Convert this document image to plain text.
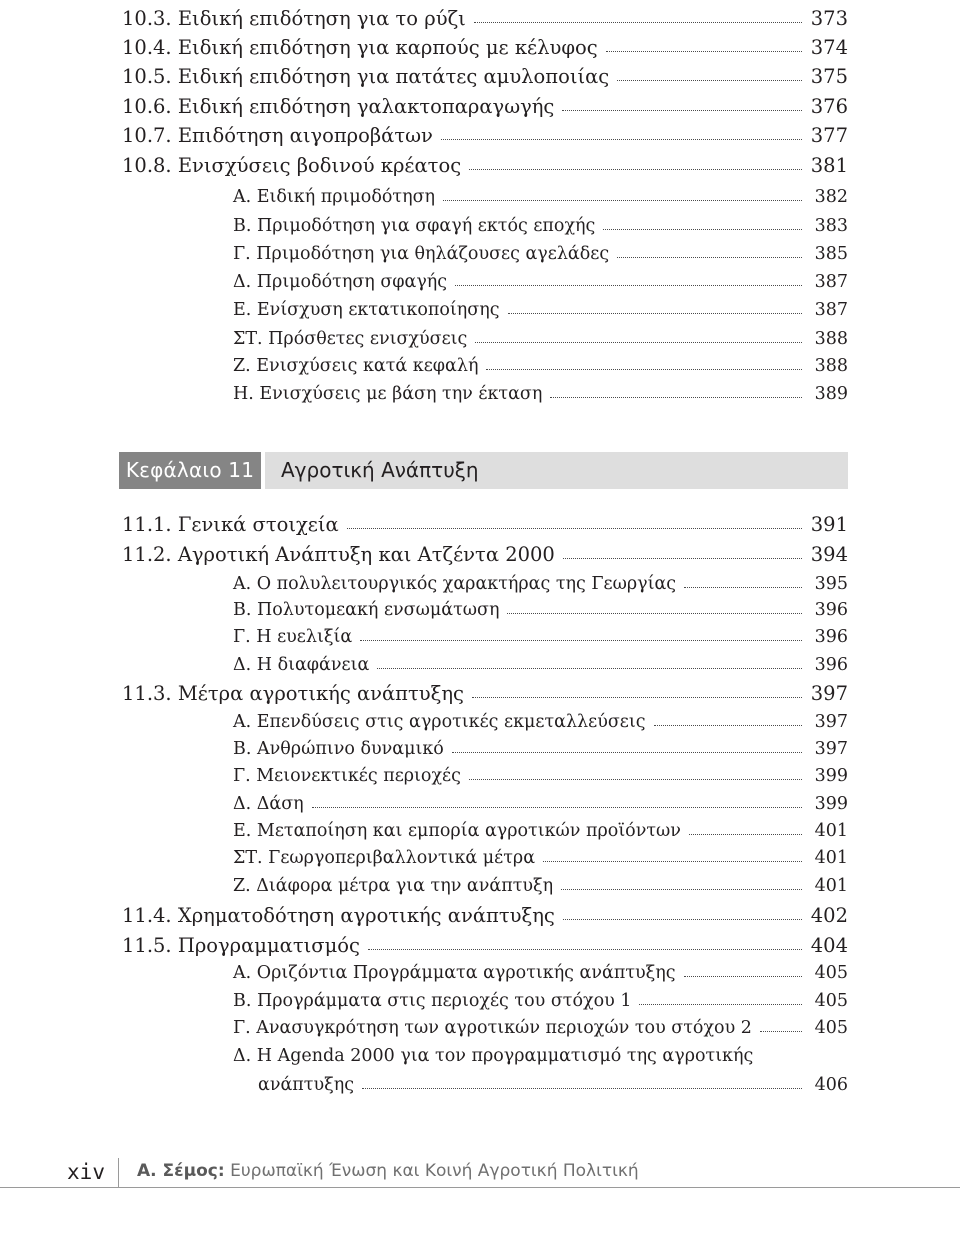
10.3. Ειδική επιδότηση για το ρύζι	373
10.4. Ειδική επιδότηση για καρπούς με κέλυφος	374
10.5. Ειδική επιδότηση για πατάτες αμυλοποιίας	375
10.6. Ειδική επιδότηση γαλακτοπαραγωγής	376
10.7. Επιδότηση αιγοπροβάτων	377
10.8. Ενισχύσεις βοδινού κρέατος	381
Α. Ειδική πριμοδότηση	382
Β. Πριμοδότηση για σφαγή εκτός εποχής	383
Γ. Πριμοδότηση για θηλάζουσες αγελάδες	385
Δ. Πριμοδότηση σφαγής	387
Ε. Ενίσχυση εκτατικοποίησης	387
ΣΤ. Πρόσθετες ενισχύσεις	388
Ζ. Ενισχύσεις κατά κεφαλή	388
Η. Ενισχύσεις με βάση την έκταση	389
Κεφάλαιο 11	Αγροτική Ανάπτυξη
11.1. Γενικά στοιχεία	391
11.2. Αγροτική Ανάπτυξη και Ατζέντα 2000	394
Α. Ο πολυλειτουργικός χαρακτήρας της Γεωργίας	395
Β. Πολυτομεακή ενσωμάτωση	396
Γ. Η ευελιξία	396
Δ. Η διαφάνεια	396
11.3. Μέτρα αγροτικής ανάπτυξης	397
Α. Επενδύσεις στις αγροτικές εκμεταλλεύσεις	397
Β. Ανθρώπινο δυναμικό	397
Γ. Μειονεκτικές περιοχές	399
Δ. Δάση	399
Ε. Μεταποίηση και εμπορία αγροτικών προϊόντων	401
ΣΤ. Γεωργοπεριβαλλοντικά μέτρα	401
Ζ. Διάφορα μέτρα για την ανάπτυξη	401
11.4. Χρηματοδότηση αγροτικής ανάπτυξης	402
11.5. Προγραμματισμός	404
Α. Οριζόντια Προγράμματα αγροτικής ανάπτυξης	405
Β. Προγράμματα στις περιοχές του στόχου 1	405
Γ. Ανασυγκρότηση των αγροτικών περιοχών του στόχου 2	405
Δ. Η Agenda 2000 για τον προγραμματισμό της αγροτικής
ανάπτυξης	406
xiv Α. Σέμος: Ευρωπαϊκή Ένωση και Κοινή Αγροτική Πολιτική
